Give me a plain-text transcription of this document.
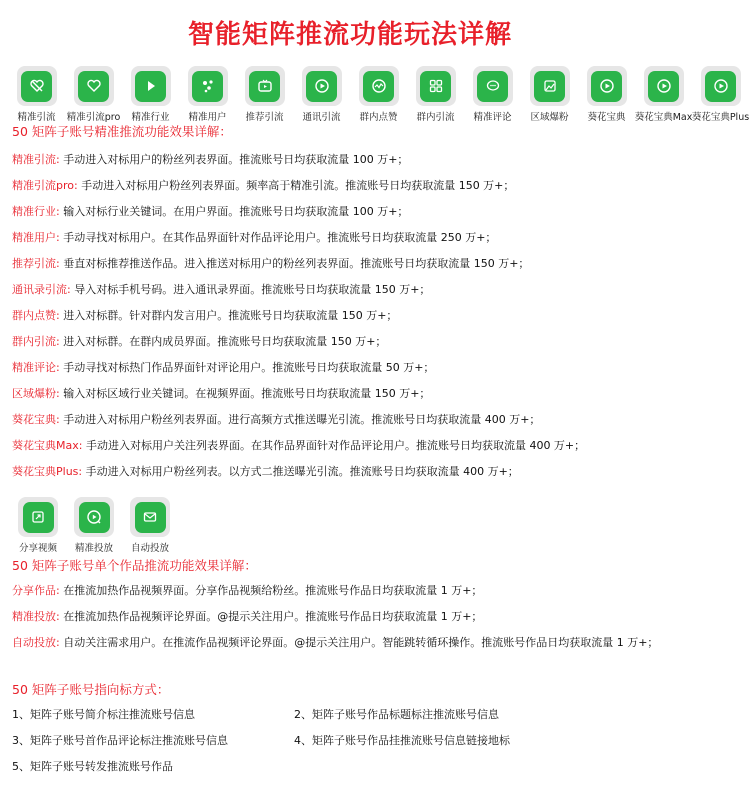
智能矩阵推流功能玩法详解
精准引流 精准引流pro 精准行业 精准用户 推荐引流 通讯引流 群内点赞 群内引流 精准评论 区域爆粉 葵花宝典 葵花宝典Max 葵花宝典Plus
50 矩阵子账号精准推流功能效果详解：
精准引流: 手动进入对标用户的粉丝列表界面。推流账号日均获取流量 100 万+；
精准引流pro: 手动进入对标用户粉丝列表界面。频率高于精准引流。推流账号日均获取流量 150 万+；
精准行业: 输入对标行业关键词。在用户界面。推流账号日均获取流量 100 万+；
精准用户: 手动寻找对标用户。在其作品界面针对作品评论用户。推流账号日均获取流量 250 万+；
推荐引流: 垂直对标推荐推送作品。进入推送对标用户的粉丝列表界面。推流账号日均获取流量 150 万+；
通讯录引流: 导入对标手机号码。进入通讯录界面。推流账号日均获取流量 150 万+；
群内点赞: 进入对标群。针对群内发言用户。推流账号日均获取流量 150 万+；
群内引流: 进入对标群。在群内成员界面。推流账号日均获取流量 150 万+；
精准评论: 手动寻找对标热门作品界面针对评论用户。推流账号日均获取流量 50 万+；
区域爆粉: 输入对标区域行业关键词。在视频界面。推流账号日均获取流量 150 万+；
葵花宝典: 手动进入对标用户粉丝列表界面。进行高频方式推送曝光引流。推流账号日均获取流量 400 万+；
葵花宝典Max: 手动进入对标用户关注列表界面。在其作品界面针对作品评论用户。推流账号日均获取流量 400 万+；
葵花宝典Plus: 手动进入对标用户粉丝列表。以方式二推送曝光引流。推流账号日均获取流量 400 万+；
分享视频 精准投放 自动投放
50 矩阵子账号单个作品推流功能效果详解：
分享作品: 在推流加热作品视频界面。分享作品视频给粉丝。推流账号作品日均获取流量 1 万+；
精准投放: 在推流加热作品视频评论界面。@提示关注用户。推流账号作品日均获取流量 1 万+；
自动投放: 自动关注需求用户。在推流作品视频评论界面。@提示关注用户。智能跳转循环操作。推流账号作品日均获取流量 1 万+；
50 矩阵子账号指向标方式：
1、矩阵子账号简介标注推流账号信息	2、矩阵子账号作品标题标注推流账号信息
3、矩阵子账号首作品评论标注推流账号信息	4、矩阵子账号作品挂推流账号信息链接地标
5、矩阵子账号转发推流账号作品
